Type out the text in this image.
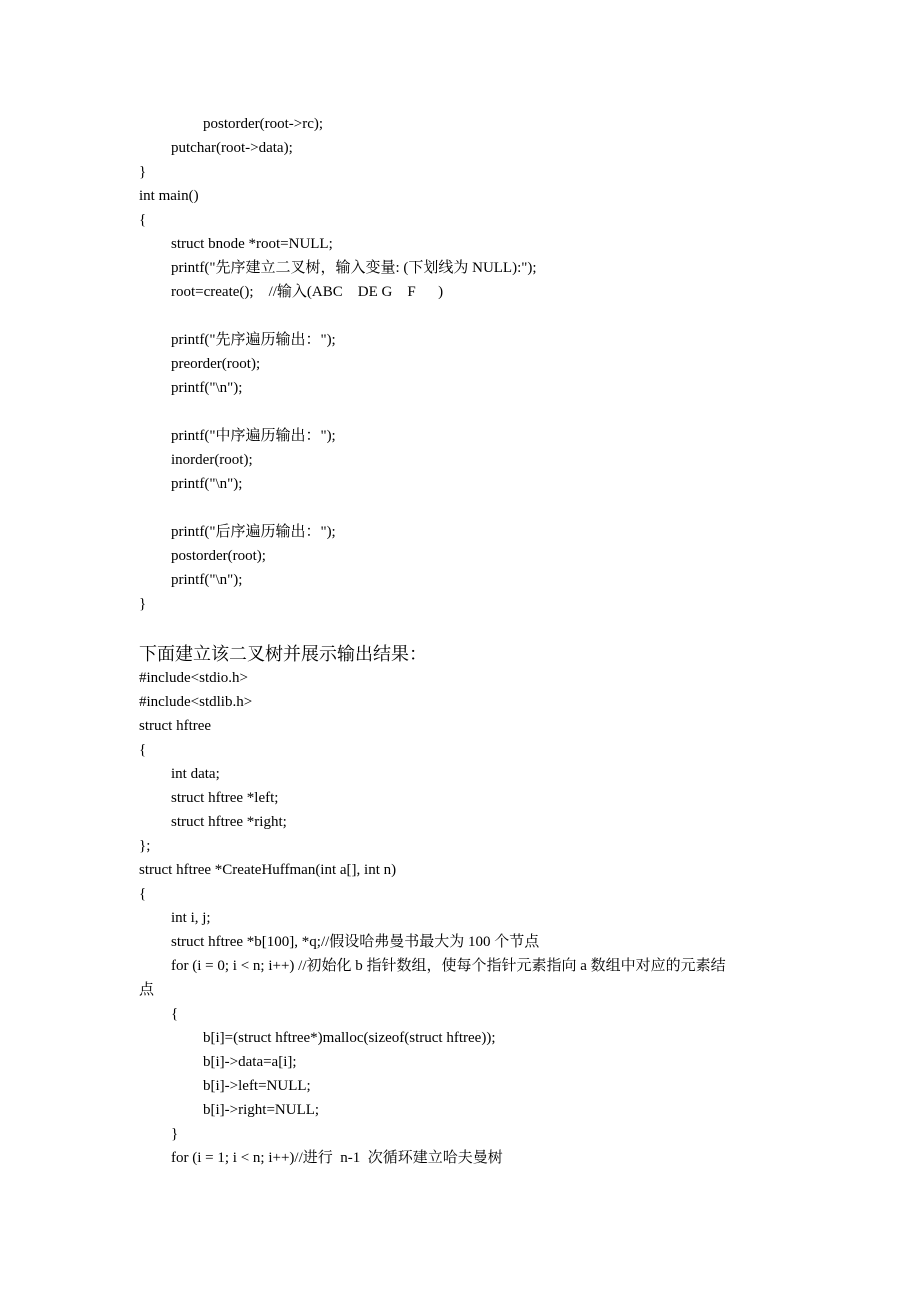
postorder(root->rc);
putchar(root->data);
}
int main()
{
struct bnode *root=NULL;
printf("先序建立二叉树，输入变量: (下划线为 NULL):");
root=create();    //输入(ABC    DE G    F      )
printf("先序遍历输出：");
preorder(root);
printf("\n");
printf("中序遍历输出：");
inorder(root);
printf("\n");
printf("后序遍历输出：");
postorder(root);
printf("\n");
}
下面建立该二叉树并展示输出结果：
#include<stdio.h>
#include<stdlib.h>
struct hftree
{
int data;
struct hftree *left;
struct hftree *right;
};
struct hftree *CreateHuffman(int a[], int n)
{
int i, j;
struct hftree *b[100], *q;//假设哈弗曼书最大为 100 个节点
for (i = 0; i < n; i++) //初始化 b 指针数组，使每个指针元素指向 a 数组中对应的元素结
点
{
b[i]=(struct hftree*)malloc(sizeof(struct hftree));
b[i]->data=a[i];
b[i]->left=NULL;
b[i]->right=NULL;
}
for (i = 1; i < n; i++)//进行  n-1  次循环建立哈夫曼树
